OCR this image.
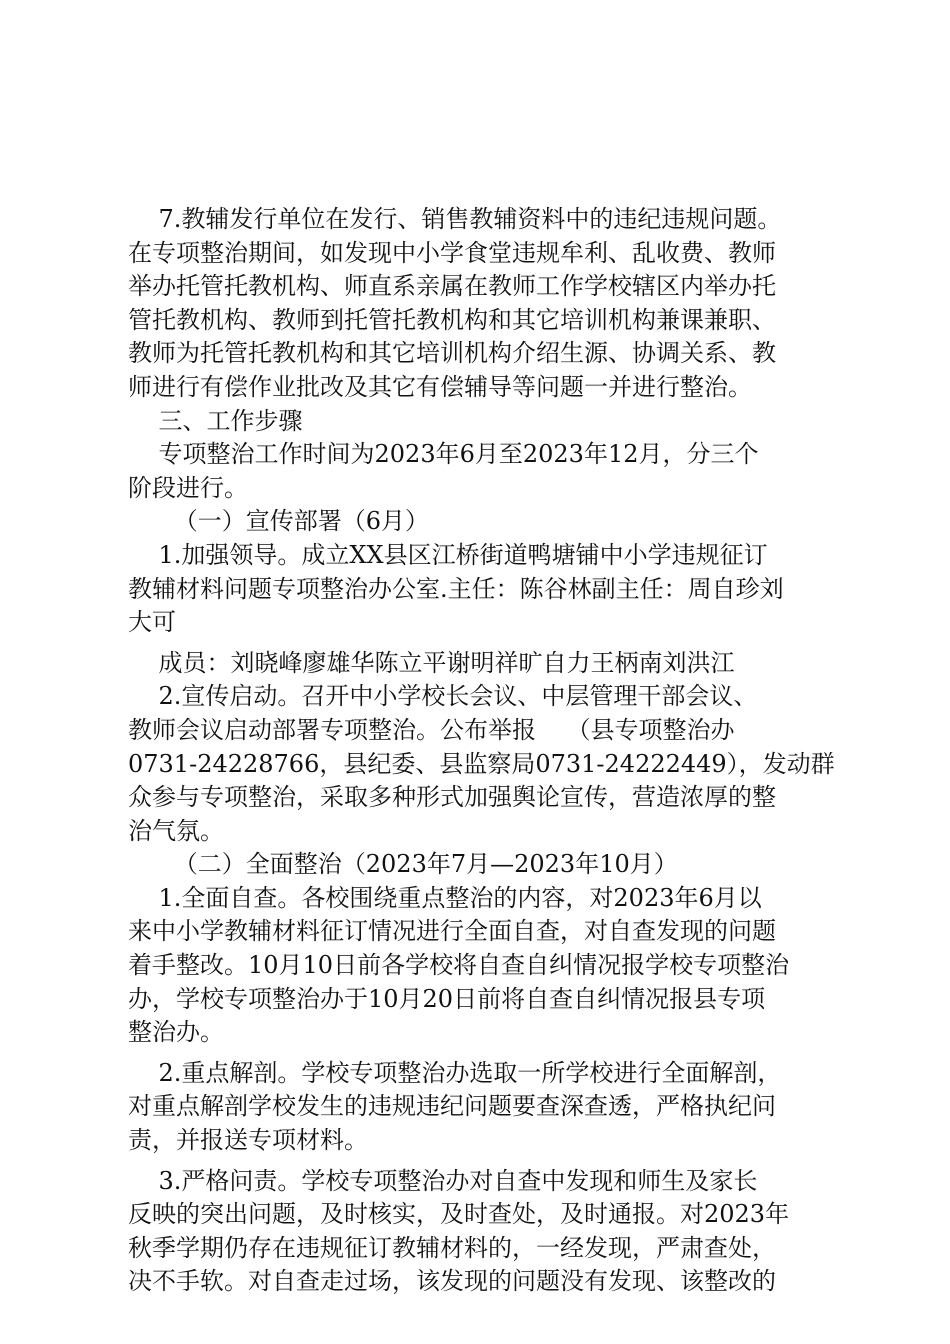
7.教辅发行单位在发行、销售教辅资料中的违纪违规问题。
在专项整治期间，如发现中小学食堂违规牟利、乱收费、教师
举办托管托教机构、师直系亲属在教师工作学校辖区内举办托
管托教机构、教师到托管托教机构和其它培训机构兼课兼职、
教师为托管托教机构和其它培训机构介绍生源、协调关系、教
师进行有偿作业批改及其它有偿辅导等问题一并进行整治。
三、工作步骤
专项整治工作时间为2023年6月至2023年12月，分三个
阶段进行。
（一）宣传部署（6月）
1.加强领导。成立XX县区江桥街道鸭塘铺中小学违规征订
教辅材料问题专项整治办公室.主任：陈谷林副主任：周自珍刘
大可
成员：刘晓峰廖雄华陈立平谢明祥旷自力王柄南刘洪江
2.宣传启动。召开中小学校长会议、中层管理干部会议、
教师会议启动部署专项整治。公布举报    （县专项整治办
0731-24228766，县纪委、县监察局0731-24222449），发动群
众参与专项整治，采取多种形式加强舆论宣传，营造浓厚的整
治气氛。
（二）全面整治（2023年7月—2023年10月）
1.全面自查。各校围绕重点整治的内容，对2023年6月以
来中小学教辅材料征订情况进行全面自查，对自查发现的问题
着手整改。10月10日前各学校将自查自纠情况报学校专项整治
办，学校专项整治办于10月20日前将自查自纠情况报县专项
整治办。
2.重点解剖。学校专项整治办选取一所学校进行全面解剖，
对重点解剖学校发生的违规违纪问题要查深查透，严格执纪问
责，并报送专项材料。
3.严格问责。学校专项整治办对自查中发现和师生及家长
反映的突出问题，及时核实，及时查处，及时通报。对2023年
秋季学期仍存在违规征订教辅材料的，一经发现，严肃查处，
决不手软。对自查走过场，该发现的问题没有发现、该整改的
